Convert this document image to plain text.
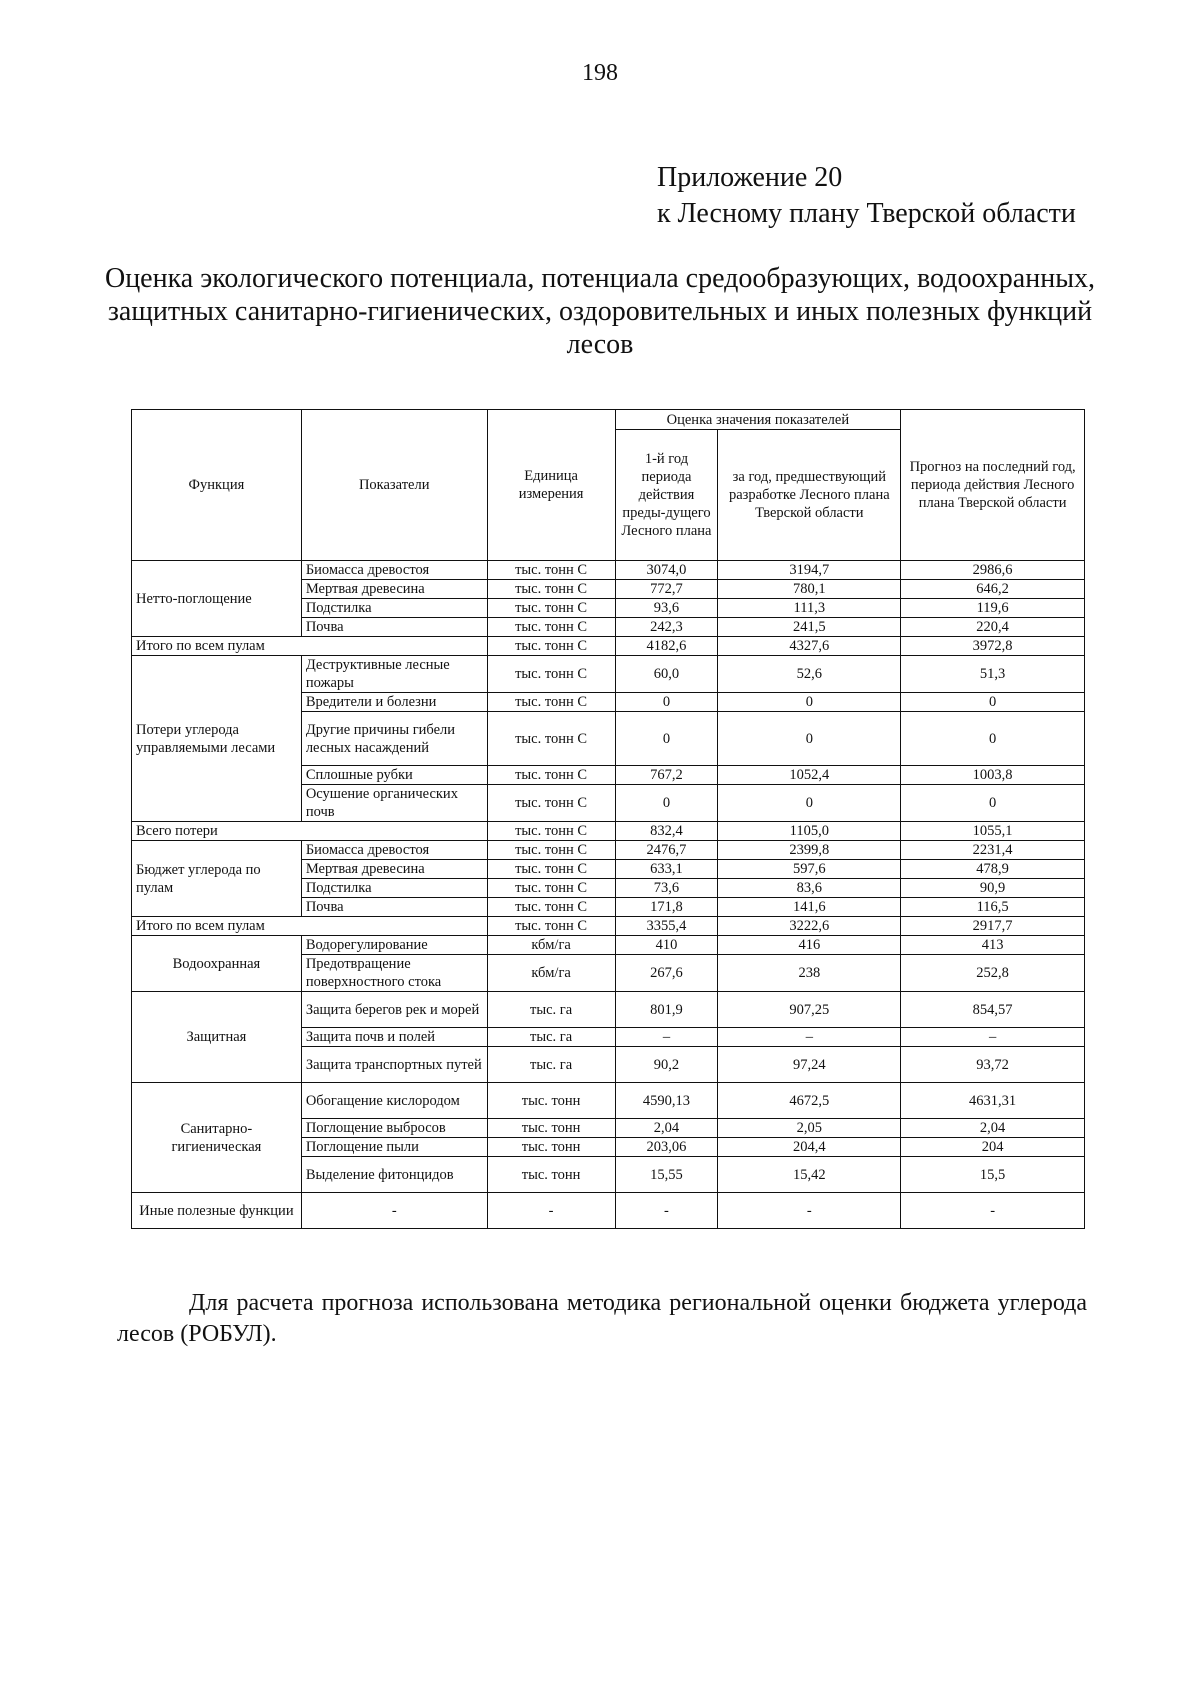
198
Приложение 20
к Лесному плану Тверской области
Оценка экологического потенциала, потенциала средообразующих, водоохранных, защитных санитарно-гигиенических, оздоровительных и иных полезных функций лесов
Функция	Показатели	Единица измерения	Оценка значения показателей		Прогноз на последний год, периода действия Лесного плана Тверской области
			1-й год периода действия преды-дущего Лесного плана	за год, предшествующий разработке Лесного плана Тверской области	
Нетто-поглощение	Биомасса древостоя	тыс. тонн С	3074,0	3194,7	2986,6
	Мертвая древесина	тыс. тонн С	772,7	780,1	646,2
	Подстилка	тыс. тонн С	93,6	111,3	119,6
	Почва	тыс. тонн С	242,3	241,5	220,4
Итого по всем пулам		тыс. тонн С	4182,6	4327,6	3972,8
Потери углерода управляемыми лесами	Деструктивные лесные пожары	тыс. тонн С	60,0	52,6	51,3
	Вредители и болезни	тыс. тонн С	0	0	0
	Другие причины гибели лесных насаждений	тыс. тонн С	0	0	0
	Сплошные рубки	тыс. тонн С	767,2	1052,4	1003,8
	Осушение органических почв	тыс. тонн С	0	0	0
Всего потери		тыс. тонн С	832,4	1105,0	1055,1
Бюджет углерода по пулам	Биомасса древостоя	тыс. тонн С	2476,7	2399,8	2231,4
	Мертвая древесина	тыс. тонн С	633,1	597,6	478,9
	Подстилка	тыс. тонн С	73,6	83,6	90,9
	Почва	тыс. тонн С	171,8	141,6	116,5
Итого по всем пулам		тыс. тонн С	3355,4	3222,6	2917,7
Водоохранная	Водорегулирование	кбм/га	410	416	413
	Предотвращение поверхностного стока	кбм/га	267,6	238	252,8
Защитная	Защита берегов рек и морей	тыс. га	801,9	907,25	854,57
	Защита почв и полей	тыс. га	–	–	–
	Защита транспортных путей	тыс. га	90,2	97,24	93,72
Санитарно-гигиеническая	Обогащение кислородом	тыс. тонн	4590,13	4672,5	4631,31
	Поглощение выбросов	тыс. тонн	2,04	2,05	2,04
	Поглощение пыли	тыс. тонн	203,06	204,4	204
	Выделение фитонцидов	тыс. тонн	15,55	15,42	15,5
Иные полезные функции	-	-	-	-	-
Для расчета прогноза использована методика региональной оценки бюджета углерода лесов (РОБУЛ).
